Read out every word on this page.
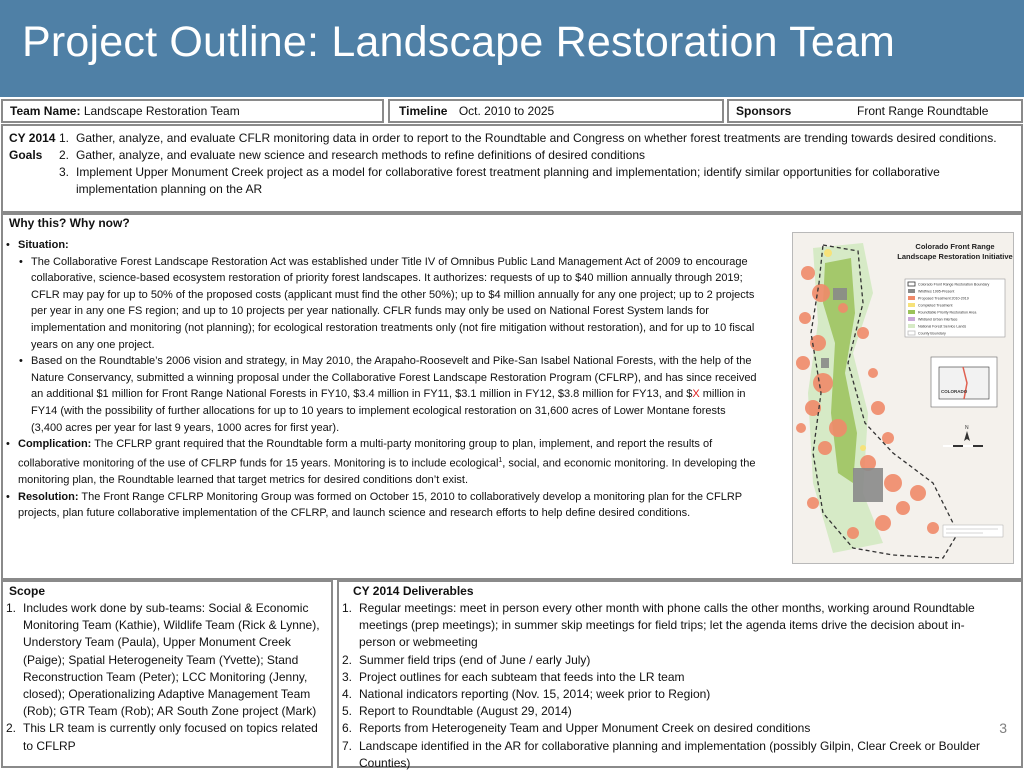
Project Outline: Landscape Restoration Team
Team Name: Landscape Restoration Team	Timeline Oct. 2010 to 2025	Sponsors	Front Range Roundtable
CY 2014
Goals
1. Gather, analyze, and evaluate CFLR monitoring data in order to report to the Roundtable and Congress on whether forest treatments are trending towards desired conditions.
2. Gather, analyze, and evaluate new science and research methods to refine definitions of desired conditions
3. Implement Upper Monument Creek project as a model for collaborative forest treatment planning and implementation; identify similar opportunities for collaborative implementation planning on the AR
Why this? Why now?
• Situation:
• The Collaborative Forest Landscape Restoration Act was established under Title IV of Omnibus Public Land Management Act of 2009 to encourage collaborative, science-based ecosystem restoration of priority forest landscapes. It authorizes: requests of up to $40 million annually through 2019; CFLR may pay for up to 50% of the proposed costs (applicant must find the other 50%); up to $4 million annually for any one project; up to 2 projects per year in any one FS region; and up to 10 projects per year nationally. CFLR funds may only be used on National Forest System lands for implementation and monitoring (not planning); for ecological restoration treatments only (not fire mitigation without restoration), and for up to 10 fiscal years on any one project.
• Based on the Roundtable’s 2006 vision and strategy, in May 2010, the Arapaho-Roosevelt and Pike-San Isabel National Forests, with the help of the Nature Conservancy, submitted a winning proposal under the Collaborative Forest Landscape Restoration Program (CFLRP), and has since received an additional $1 million for Front Range National Forests in FY10, $3.4 million in FY11, $3.1 million in FY12, $3.8 million for FY13, and $X million in FY14 (with the possibility of further allocations for up to 10 years to implement ecological restoration on 31,600 acres of Lower Montane forests (3,400 acres per year for last 9 years, 1000 acres for first year).
• Complication: The CFLRP grant required that the Roundtable form a multi-party monitoring group to plan, implement, and report the results of collaborative monitoring of the use of CFLRP funds for 15 years. Monitoring is to include ecological$^1$, social, and economic monitoring. In developing the monitoring plan, the Roundtable learned that target metrics for desired conditions don’t exist.
• Resolution: The Front Range CFLRP Monitoring Group was formed on October 15, 2010 to collaboratively develop a monitoring plan for the CFLRP projects, plan future collaborative implementation of the CFLRP, and launch science and research efforts to help define desired conditions.
Colorado Front Range
Landscape Restoration Initiative
Colorado Front Range Restoration Boundary
Wildfires 1995-Present
Proposed Treatment 2010-2019
Completed Treatment
Roundtable Priority Restoration Area
Wildland Urban Interface
National Forest Service Lands
County Boundary
COLORADO
N
Scope
1. Includes work done by sub-teams: Social & Economic Monitoring Team (Kathie), Wildlife Team (Rick & Lynne), Understory Team (Paula), Upper Monument Creek (Paige); Spatial Heterogeneity Team (Yvette); Stand Reconstruction Team (Peter); LCC Monitoring (Jenny, closed); Operationalizing Adaptive Management Team (Rob); GTR Team (Rob); AR South Zone project (Mark)
2. This LR team is currently only focused on topics related to CFLRP
CY 2014 Deliverables
1. Regular meetings: meet in person every other month with phone calls the other months, working around Roundtable meetings (prep meetings); in summer skip meetings for field trips; let the agenda items drive the decision about in-person or webmeeting
2. Summer field trips (end of June / early July)
3. Project outlines for each subteam that feeds into the LR team
4. National indicators reporting (Nov. 15, 2014; week prior to Region)
5. Report to Roundtable (August 29, 2014)
6. Reports from Heterogeneity Team and Upper Monument Creek on desired conditions
7. Landscape identified in the AR for collaborative planning and implementation (possibly Gilpin, Clear Creek or Boulder Counties)
3
